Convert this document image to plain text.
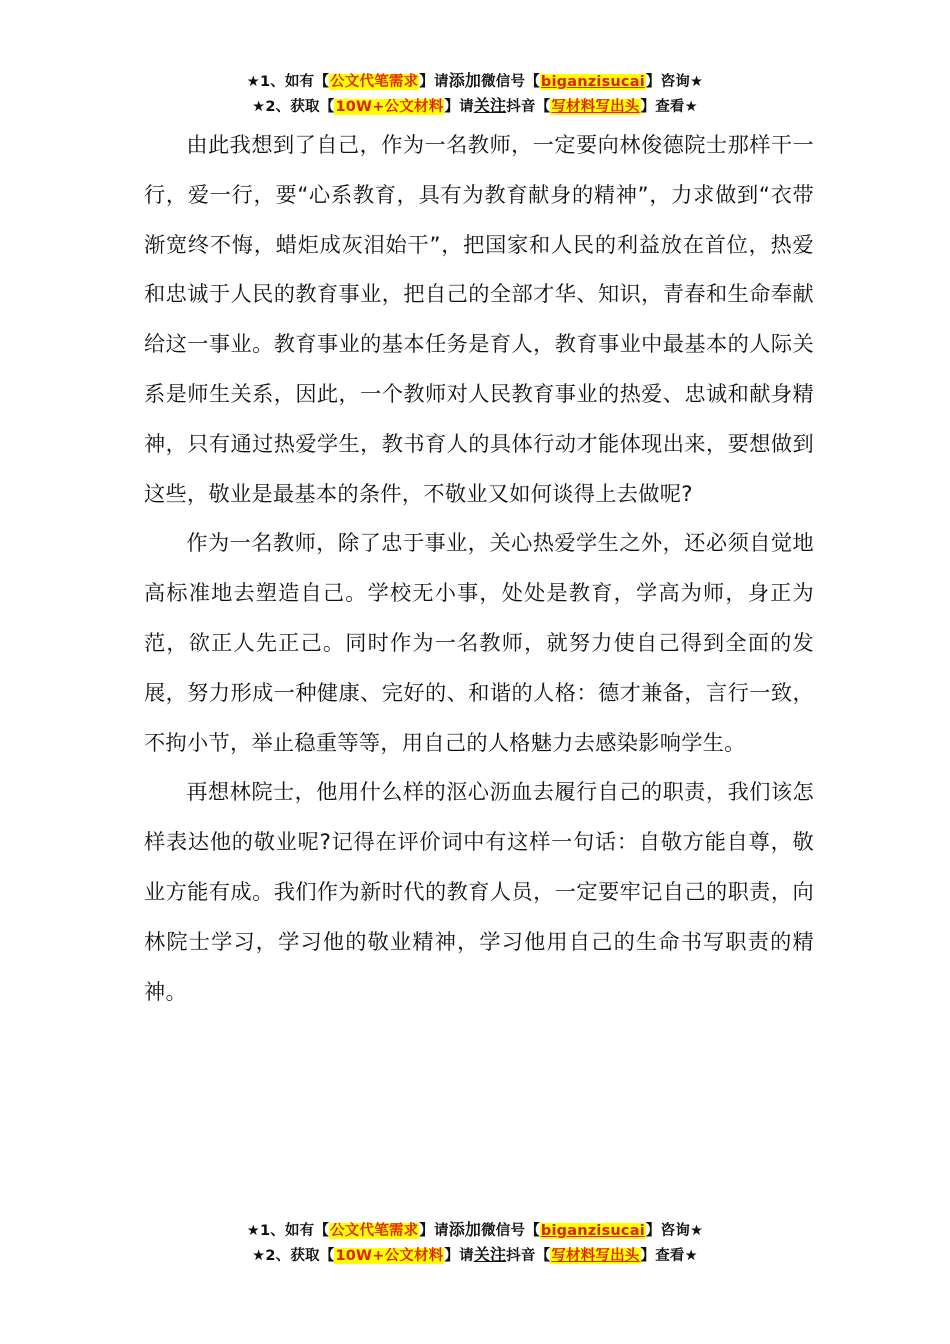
★1、如有【公文代笔需求】请添加微信号【biganzisucai】咨询★
★2、获取【10W+公文材料】请关注抖音【写材料写出头】查看★

由此我想到了自己，作为一名教师，一定要向林俊德院士那样干一行，爱一行，要“心系教育，具有为教育献身的精神”，力求做到“衣带渐宽终不悔，蜡炬成灰泪始干”，把国家和人民的利益放在首位，热爱和忠诚于人民的教育事业，把自己的全部才华、知识，青春和生命奉献给这一事业。教育事业的基本任务是育人，教育事业中最基本的人际关系是师生关系，因此，一个教师对人民教育事业的热爱、忠诚和献身精神，只有通过热爱学生，教书育人的具体行动才能体现出来，要想做到这些，敬业是最基本的条件，不敬业又如何谈得上去做呢?

作为一名教师，除了忠于事业，关心热爱学生之外，还必须自觉地高标准地去塑造自己。学校无小事，处处是教育，学高为师，身正为范，欲正人先正己。同时作为一名教师，就努力使自己得到全面的发展，努力形成一种健康、完好的、和谐的人格：德才兼备，言行一致，不拘小节，举止稳重等等，用自己的人格魅力去感染影响学生。

再想林院士，他用什么样的沤心沥血去履行自己的职责，我们该怎样表达他的敬业呢?记得在评价词中有这样一句话：自敬方能自尊，敬业方能有成。我们作为新时代的教育人员，一定要牢记自己的职责，向林院士学习，学习他的敬业精神，学习他用自己的生命书写职责的精神。

★1、如有【公文代笔需求】请添加微信号【biganzisucai】咨询★
★2、获取【10W+公文材料】请关注抖音【写材料写出头】查看★
